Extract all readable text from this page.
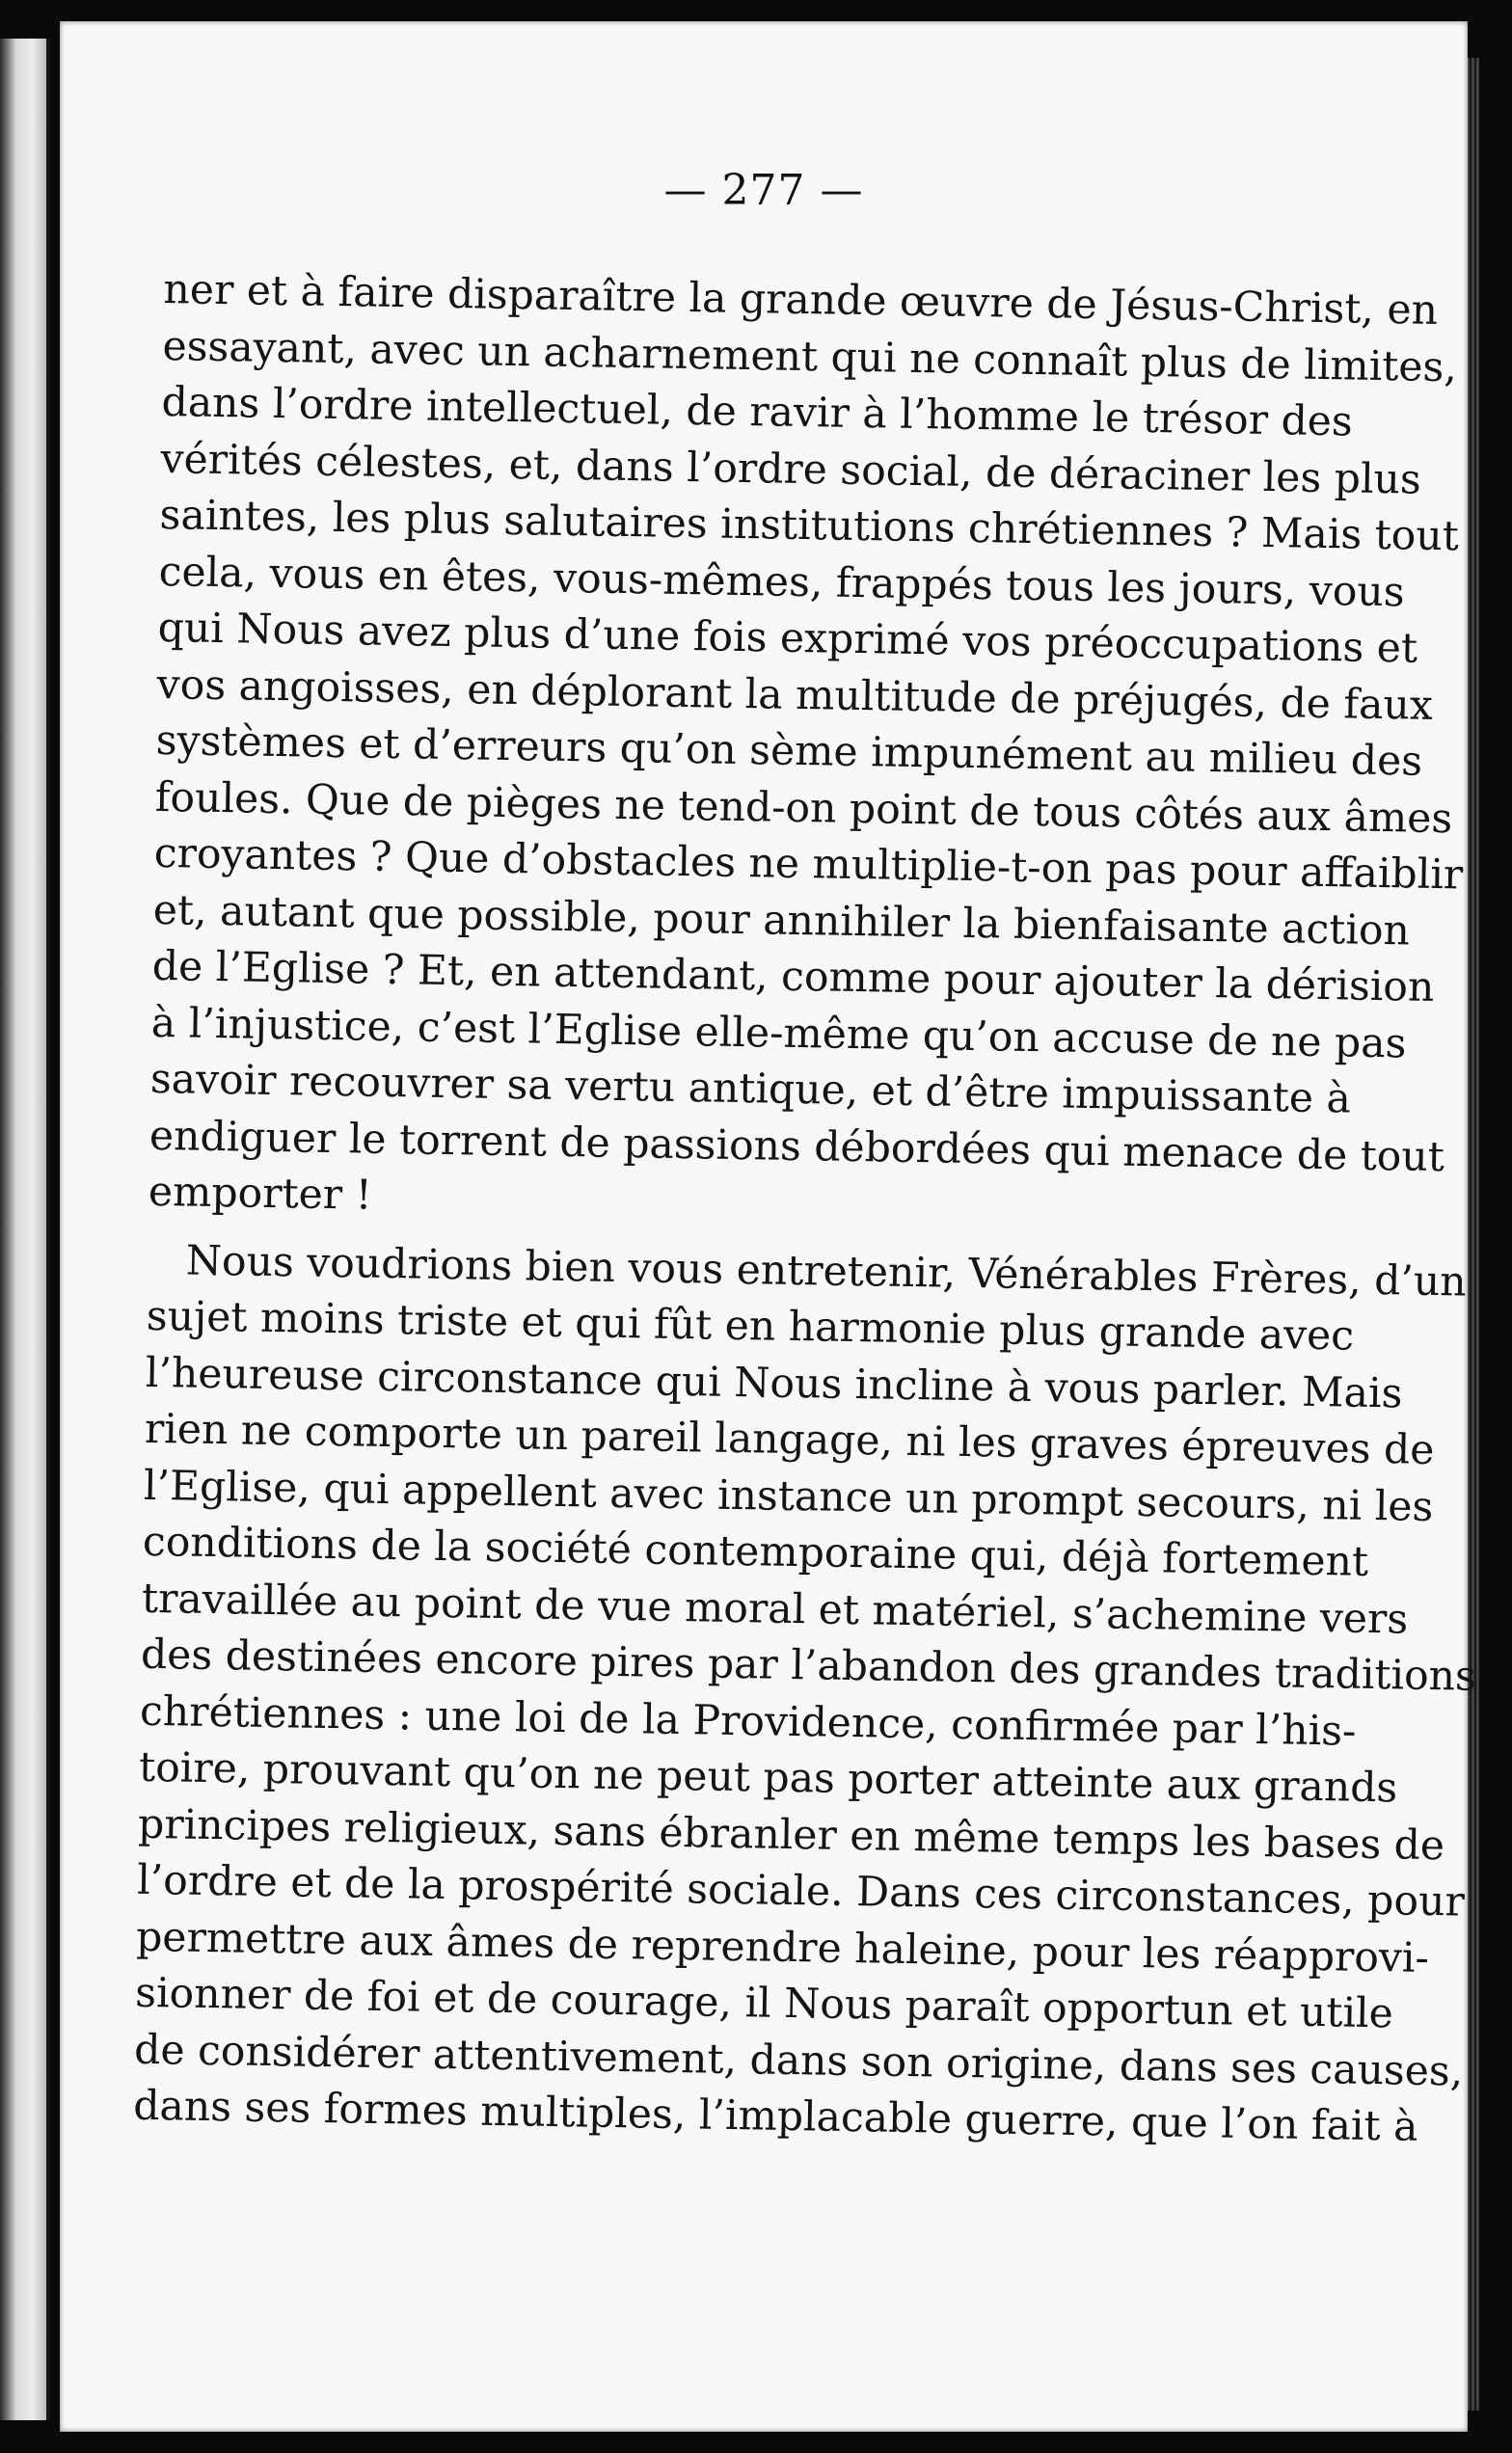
— 277 —
ner et à faire disparaître la grande œuvre de Jésus-Christ, en
essayant, avec un acharnement qui ne connaît plus de limites,
dans l’ordre intellectuel, de ravir à l’homme le trésor des
vérités célestes, et, dans l’ordre social, de déraciner les plus
saintes, les plus salutaires institutions chrétiennes ? Mais tout
cela, vous en êtes, vous-mêmes, frappés tous les jours, vous
qui Nous avez plus d’une fois exprimé vos préoccupations et
vos angoisses, en déplorant la multitude de préjugés, de faux
systèmes et d’erreurs qu’on sème impunément au milieu des
foules. Que de pièges ne tend-on point de tous côtés aux âmes
croyantes ? Que d’obstacles ne multiplie-t-on pas pour affaiblir
et, autant que possible, pour annihiler la bienfaisante action
de l’Eglise ? Et, en attendant, comme pour ajouter la dérision
à l’injustice, c’est l’Eglise elle-même qu’on accuse de ne pas
savoir recouvrer sa vertu antique, et d’être impuissante à
endiguer le torrent de passions débordées qui menace de tout
emporter !
Nous voudrions bien vous entretenir, Vénérables Frères, d’un
sujet moins triste et qui fût en harmonie plus grande avec
l’heureuse circonstance qui Nous incline à vous parler. Mais
rien ne comporte un pareil langage, ni les graves épreuves de
l’Eglise, qui appellent avec instance un prompt secours, ni les
conditions de la société contemporaine qui, déjà fortement
travaillée au point de vue moral et matériel, s’achemine vers
des destinées encore pires par l’abandon des grandes traditions
chrétiennes : une loi de la Providence, confirmée par l’his-
toire, prouvant qu’on ne peut pas porter atteinte aux grands
principes religieux, sans ébranler en même temps les bases de
l’ordre et de la prospérité sociale. Dans ces circonstances, pour
permettre aux âmes de reprendre haleine, pour les réapprovi-
sionner de foi et de courage, il Nous paraît opportun et utile
de considérer attentivement, dans son origine, dans ses causes,
dans ses formes multiples, l’implacable guerre, que l’on fait à
